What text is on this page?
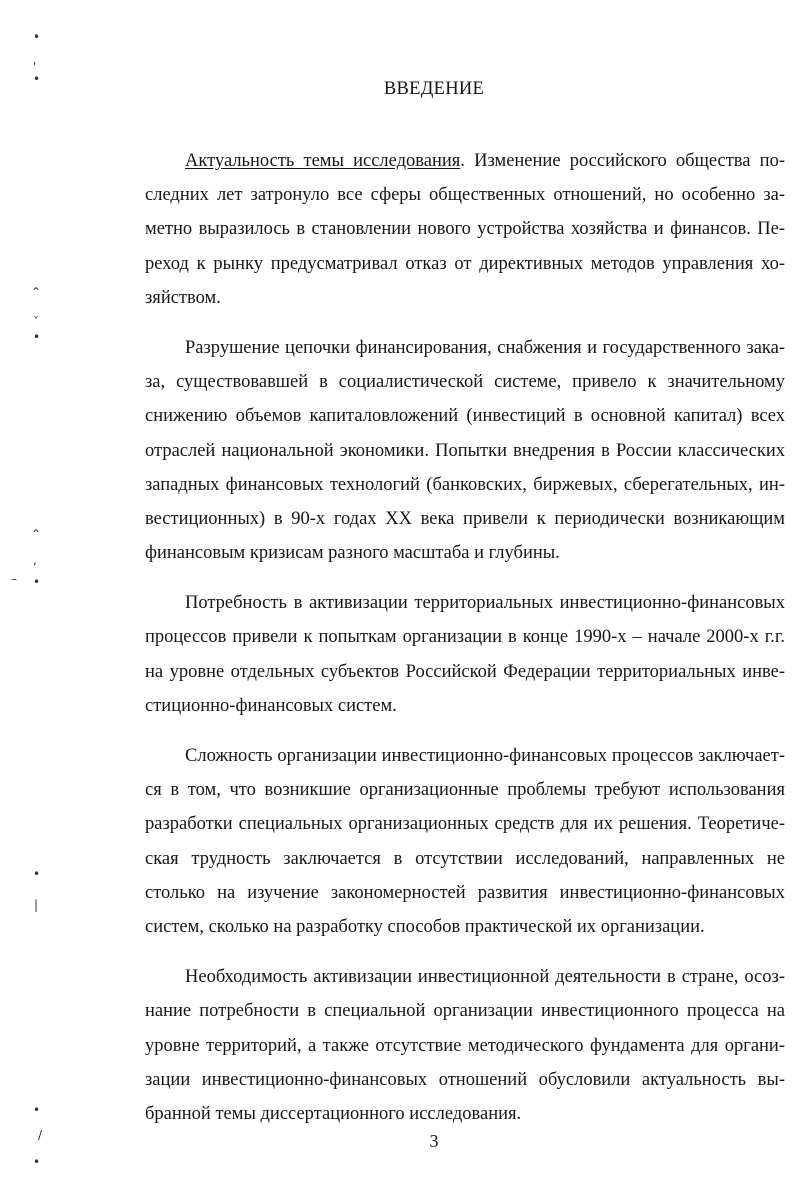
ВВЕДЕНИЕ
Актуальность темы исследования. Изменение российского общества по-
следних лет затронуло все сферы общественных отношений, но особенно за-
метно выразилось в становлении нового устройства хозяйства и финансов. Пе-
реход к рынку предусматривал отказ от директивных методов управления хо-
зяйством.
Разрушение цепочки финансирования, снабжения и государственного зака-
за, существовавшей в социалистической системе, привело к значительному
снижению объемов капиталовложений (инвестиций в основной капитал) всех
отраслей национальной экономики. Попытки внедрения в России классических
западных финансовых технологий (банковских, биржевых, сберегательных, ин-
вестиционных) в 90-х годах XX века привели к периодически возникающим
финансовым кризисам разного масштаба и глубины.
Потребность в активизации территориальных инвестиционно-финансовых
процессов привели к попыткам организации в конце 1990-х – начале 2000-х г.г.
на уровне отдельных субъектов Российской Федерации территориальных инве-
стиционно-финансовых систем.
Сложность организации инвестиционно-финансовых процессов заключает-
ся в том, что возникшие организационные проблемы требуют использования
разработки специальных организационных средств для их решения. Теоретиче-
ская трудность заключается в отсутствии исследований, направленных не
столько на изучение закономерностей развития инвестиционно-финансовых
систем, сколько на разработку способов практической их организации.
Необходимость активизации инвестиционной деятельности в стране, осоз-
нание потребности в специальной организации инвестиционного процесса на
уровне территорий, а также отсутствие методического фундамента для органи-
зации инвестиционно-финансовых отношений обусловили актуальность вы-
бранной темы диссертационного исследования.
3
•
'
•
⌃
ˇ
•
⌃
,
– •
•
|
•
/
•
